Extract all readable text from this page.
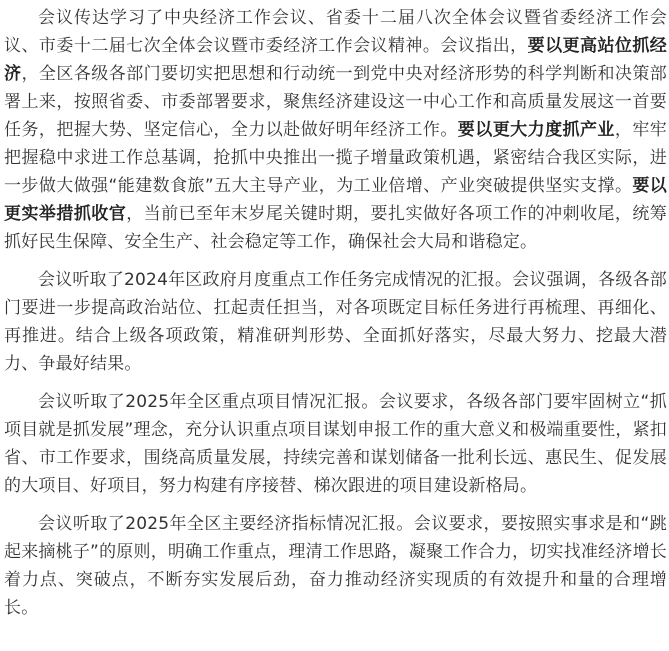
会议传达学习了中央经济工作会议、省委十二届八次全体会议暨省委经济工作会议、市委十二届七次全体会议暨市委经济工作会议精神。会议指出，要以更高站位抓经济，全区各级各部门要切实把思想和行动统一到党中央对经济形势的科学判断和决策部署上来，按照省委、市委部署要求，聚焦经济建设这一中心工作和高质量发展这一首要任务，把握大势、坚定信心，全力以赴做好明年经济工作。要以更大力度抓产业，牢牢把握稳中求进工作总基调，抢抓中央推出一揽子增量政策机遇，紧密结合我区实际，进一步做大做强“能建数食旅”五大主导产业，为工业倍增、产业突破提供坚实支撑。要以更实举措抓收官，当前已至年末岁尾关键时期，要扎实做好各项工作的冲刺收尾，统筹抓好民生保障、安全生产、社会稳定等工作，确保社会大局和谐稳定。

会议听取了2024年区政府月度重点工作任务完成情况的汇报。会议强调，各级各部门要进一步提高政治站位、扛起责任担当，对各项既定目标任务进行再梳理、再细化、再推进。结合上级各项政策，精准研判形势、全面抓好落实，尽最大努力、挖最大潜力、争最好结果。

会议听取了2025年全区重点项目情况汇报。会议要求，各级各部门要牢固树立“抓项目就是抓发展”理念，充分认识重点项目谋划申报工作的重大意义和极端重要性，紧扣省、市工作要求，围绕高质量发展，持续完善和谋划储备一批利长远、惠民生、促发展的大项目、好项目，努力构建有序接替、梯次跟进的项目建设新格局。

会议听取了2025年全区主要经济指标情况汇报。会议要求，要按照实事求是和“跳起来摘桃子”的原则，明确工作重点，理清工作思路，凝聚工作合力，切实找准经济增长着力点、突破点，不断夯实发展后劲，奋力推动经济实现质的有效提升和量的合理增长。
